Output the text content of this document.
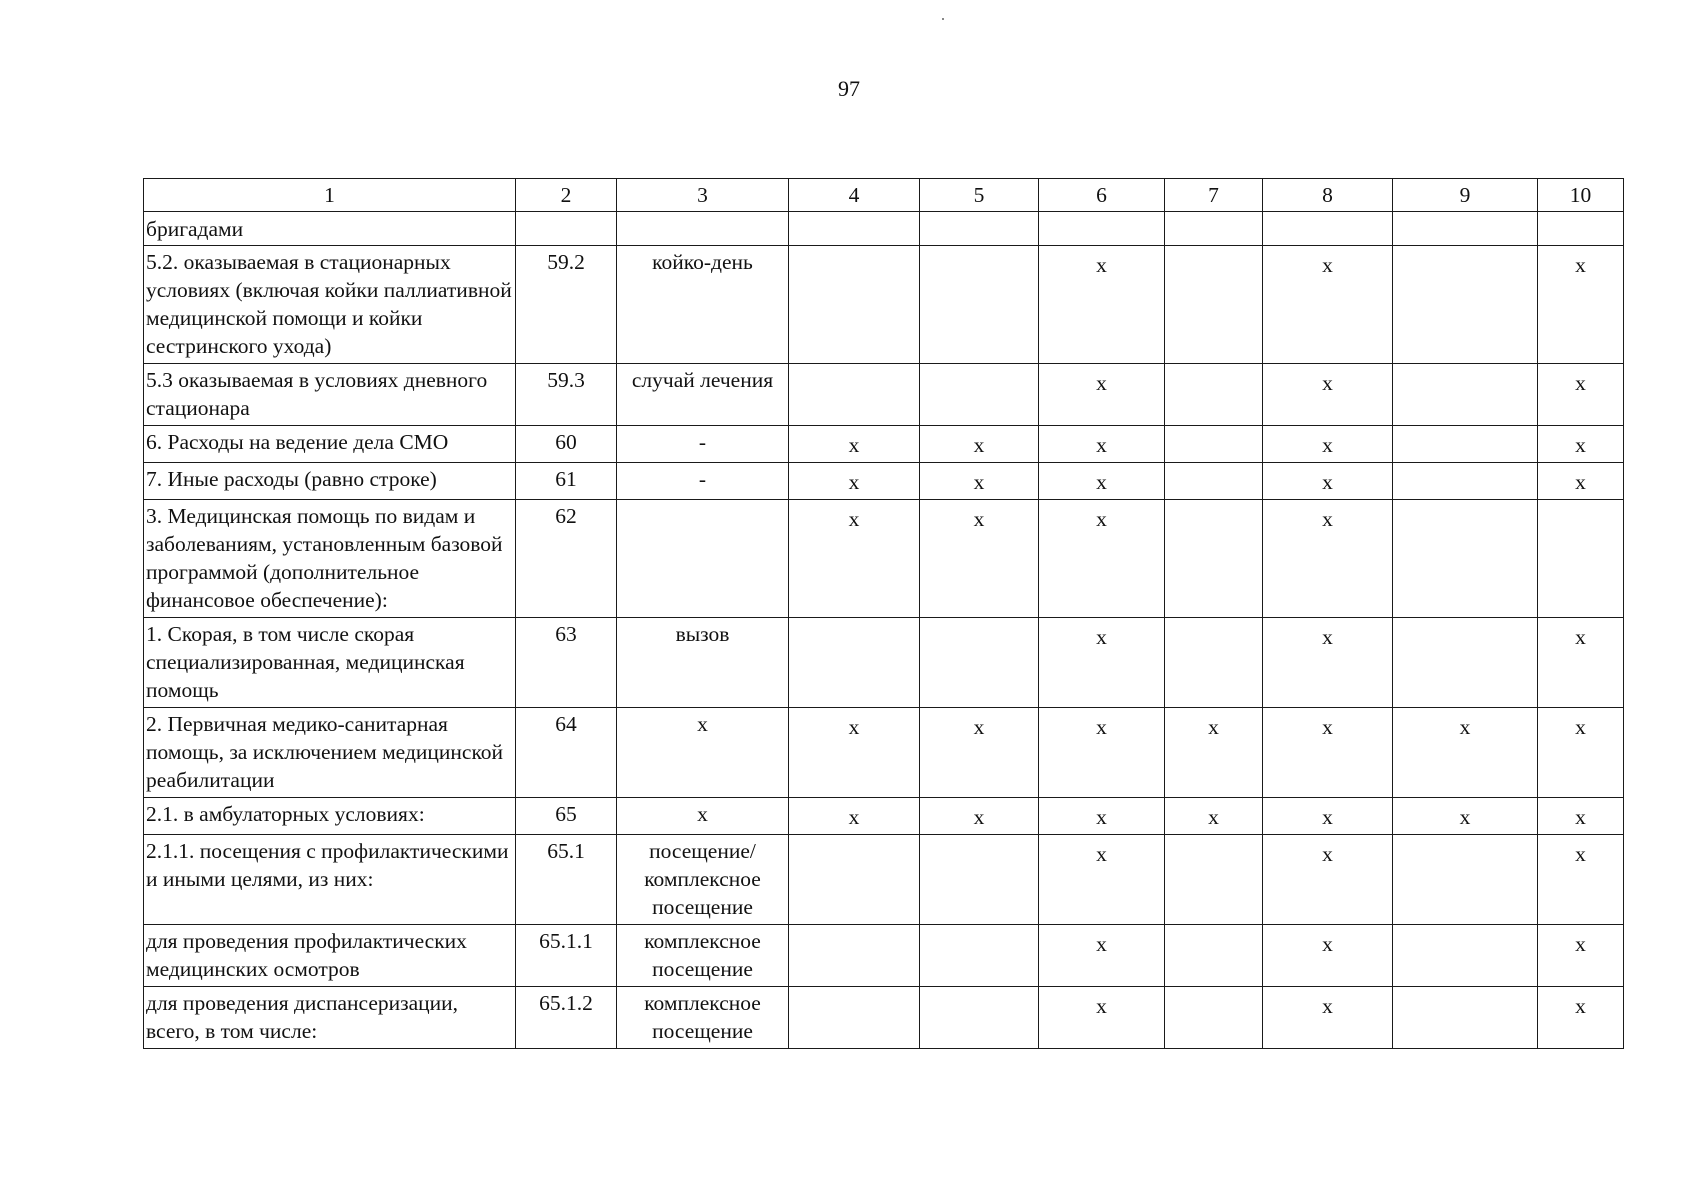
97
1	2	3	4	5	6	7	8	9	10
бригадами									
5.2. оказываемая в стационарных условиях (включая койки паллиативной медицинской помощи и койки сестринского ухода)	59.2	койко-день			x		x		x
5.3 оказываемая в условиях дневного стационара	59.3	случай лечения			x		x		x
6. Расходы на ведение дела СМО	60	-	x	x	x		x		x
7. Иные расходы (равно строке)	61	-	x	x	x		x		x
3. Медицинская помощь по видам и заболеваниям, установленным базовой программой (дополнительное финансовое обеспечение):	62		x	x	x		x		
1. Скорая, в том числе скорая специализированная, медицинская помощь	63	вызов			x		x		x
2. Первичная медико-санитарная помощь, за исключением медицинской реабилитации	64	x	x	x	x	x	x	x	x
2.1. в амбулаторных условиях:	65	x	x	x	x	x	x	x	x
2.1.1. посещения с профилактическими и иными целями, из них:	65.1	посещение/ комплексное посещение			x		x		x
для проведения профилактических медицинских осмотров	65.1.1	комплексное посещение			x		x		x
для проведения диспансеризации, всего, в том числе:	65.1.2	комплексное посещение			x		x		x
